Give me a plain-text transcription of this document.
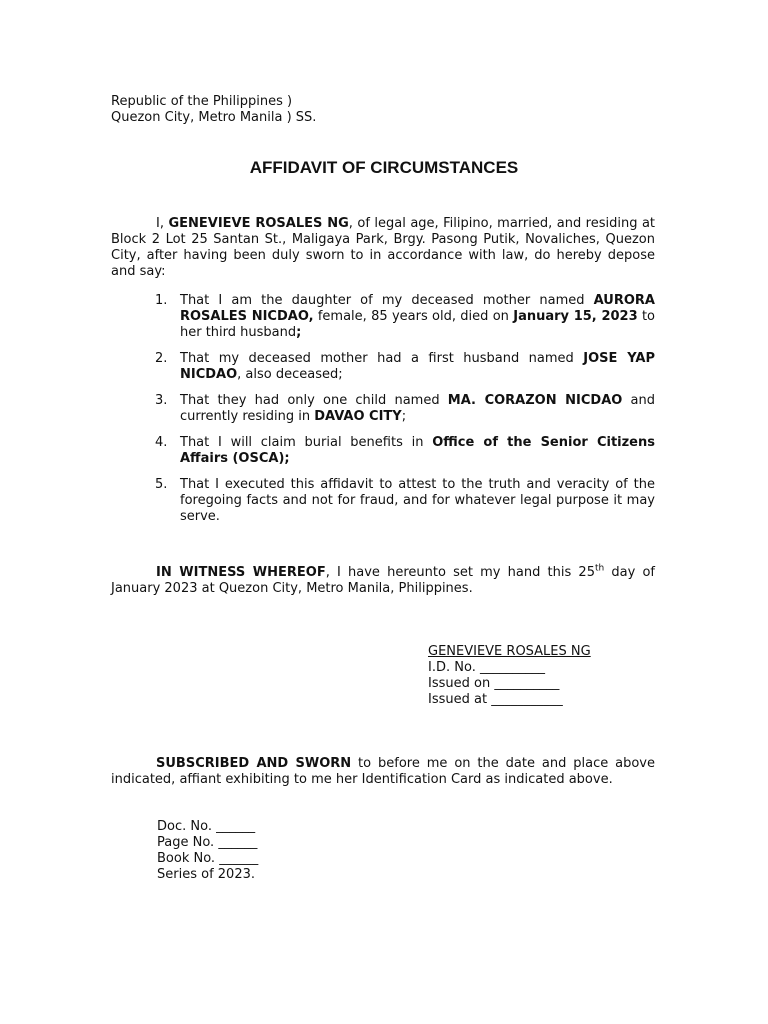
Republic of the Philippines )
Quezon City, Metro Manila ) SS.
AFFIDAVIT OF CIRCUMSTANCES
I, GENEVIEVE ROSALES NG, of legal age, Filipino, married, and residing at Block 2 Lot 25 Santan St., Maligaya Park, Brgy. Pasong Putik, Novaliches, Quezon City, after having been duly sworn to in accordance with law, do hereby depose and say:
1. That I am the daughter of my deceased mother named AURORA ROSALES NICDAO, female, 85 years old, died on January 15, 2023 to her third husband;
2. That my deceased mother had a first husband named JOSE YAP NICDAO, also deceased;
3. That they had only one child named MA. CORAZON NICDAO and currently residing in DAVAO CITY;
4. That I will claim burial benefits in Office of the Senior Citizens Affairs (OSCA);
5. That I executed this affidavit to attest to the truth and veracity of the foregoing facts and not for fraud, and for whatever legal purpose it may serve.
IN WITNESS WHEREOF, I have hereunto set my hand this 25th day of January 2023 at Quezon City, Metro Manila, Philippines.
GENEVIEVE ROSALES NG
I.D. No. __________
Issued on __________
Issued at ___________
SUBSCRIBED AND SWORN to before me on the date and place above indicated, affiant exhibiting to me her Identification Card as indicated above.
Doc. No. ______
Page No. ______
Book No. ______
Series of 2023.
